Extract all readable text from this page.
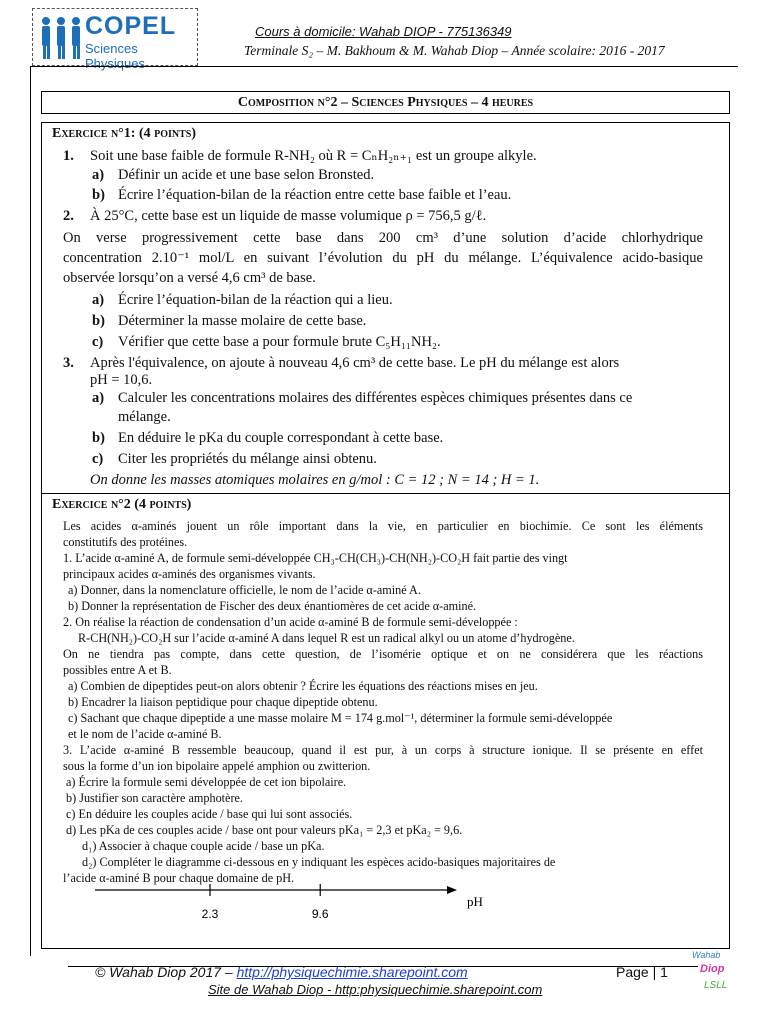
COPEL
Sciences Physiques
Cours à domicile: Wahab DIOP - 775136349
Terminale S₂ – M. Bakhoum & M. Wahab Diop – Année scolaire: 2016 - 2017
Composition n°2 – Sciences Physiques – 4 heures
Exercice n°1: (4 points)
1. Soit une base faible de formule R-NH₂ où R = CₙH₂ₙ₊₁ est un groupe alkyle.
a) Définir un acide et une base selon Bronsted.
b) Écrire l’équation-bilan de la réaction entre cette base faible et l’eau.
2. À 25°C, cette base est un liquide de masse volumique ρ = 756,5 g/ℓ.
On verse progressivement cette base dans 200 cm³ d’une solution d’acide chlorhydrique
concentration 2.10⁻¹ mol/L en suivant l’évolution du pH du mélange. L’équivalence acido-basique
observée lorsqu’on a versé 4,6 cm³ de base.
a) Écrire l’équation-bilan de la réaction qui a lieu.
b) Déterminer la masse molaire de cette base.
c) Vérifier que cette base a pour formule brute C₅H₁₁NH₂.
3. Après l'équivalence, on ajoute à nouveau 4,6 cm³ de cette base. Le pH du mélange est alors
pH = 10,6.
a) Calculer les concentrations molaires des différentes espèces chimiques présentes dans ce
mélange.
b) En déduire le pKa du couple correspondant à cette base.
c) Citer les propriétés du mélange ainsi obtenu.
On donne les masses atomiques molaires en g/mol : C = 12 ; N = 14 ; H = 1.
Exercice n°2 (4 points)
Les acides α-aminés jouent un rôle important dans la vie, en particulier en biochimie. Ce sont les éléments
constitutifs des protéines.
1. L’acide α-aminé A, de formule semi-développée CH₃-CH(CH₃)-CH(NH₂)-CO₂H fait partie des vingt
principaux acides α-aminés des organismes vivants.
a) Donner, dans la nomenclature officielle, le nom de l’acide α-aminé A.
b) Donner la représentation de Fischer des deux énantiomères de cet acide α-aminé.
2. On réalise la réaction de condensation d’un acide α-aminé B de formule semi-développée :
R-CH(NH₂)-CO₂H sur l’acide α-aminé A dans lequel R est un radical alkyl ou un atome d’hydrogène.
On ne tiendra pas compte, dans cette question, de l’isomérie optique et on ne considérera que les réactions
possibles entre A et B.
a) Combien de dipeptides peut-on alors obtenir ? Écrire les équations des réactions mises en jeu.
b) Encadrer la liaison peptidique pour chaque dipeptide obtenu.
c) Sachant que chaque dipeptide a une masse molaire M = 174 g.mol⁻¹, déterminer la formule semi-développée
et le nom de l’acide α-aminé B.
3. L’acide α-aminé B ressemble beaucoup, quand il est pur, à un corps à structure ionique. Il se présente en effet
sous la forme d’un ion bipolaire appelé amphion ou zwitterion.
a) Écrire la formule semi développée de cet ion bipolaire.
b) Justifier son caractère amphotère.
c) En déduire les couples acide / base qui lui sont associés.
d) Les pKa de ces couples acide / base ont pour valeurs pKa₁ = 2,3 et pKa₂ = 9,6.
d₁) Associer à chaque couple acide / base un pKa.
d₂) Compléter le diagramme ci-dessous en y indiquant les espèces acido-basiques majoritaires de
l’acide α-aminé B pour chaque domaine de pH.
2.3	9.6
pH
© Wahab Diop 2017 – http://physiquechimie.sharepoint.com	Page | 1
Site de Wahab Diop - http:physiquechimie.sharepoint.com
Wahab
Diop
LSLL
